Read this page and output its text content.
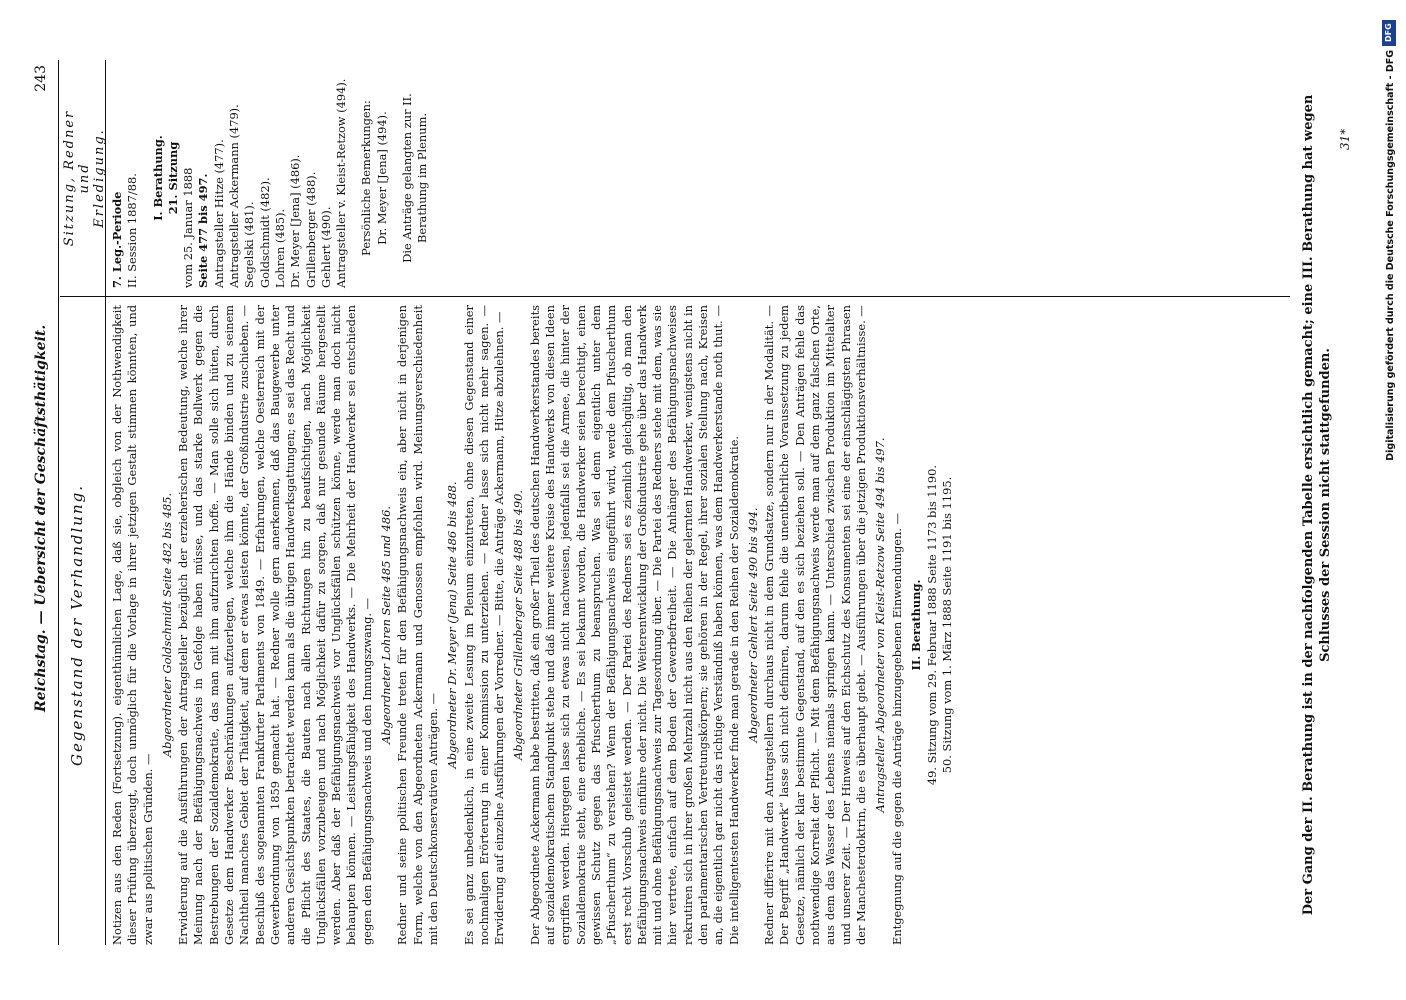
Reichstag. — Uebersicht der Geschäftsthätigkeit.
243
Gegenstand der Verhandlung.
Sitzung, Redner und Erledigung.

Notizen aus den Reden (Fortsetzung). eigenthümlichen Lage, daß sie, obgleich von der Nothwendigkeit dieser Prüfung überzeugt, doch unmöglich für die Vorlage in ihrer jetzigen Gestalt stimmen könnten, und zwar aus politischen Gründen. —

Abgeordneter Goldschmidt Seite 482 bis 485. Erwiderung auf die Ausführungen der Antragsteller bezüglich der erzieherischen Bedeutung, welche ihrer Meinung nach der Befähigungsnachweis in Gefolge haben müsse, und das starke Bollwerk gegen die Bestrebungen der Sozialdemokratie, das man mit ihm aufzurichten hoffe. — Man solle sich hüten, durch Gesetze dem Handwerker Beschränkungen aufzuerlegen, welche ihm die Hände binden und zu seinem Nachtheil manches Gebiet der Thätigkeit, auf dem er etwas leisten könnte, der Großindustrie zuschieben. — Beschluß des sogenannten Frankfurter Parlaments von 1849. — Erfahrungen, welche Oesterreich mit der Gewerbeordnung von 1859 gemacht hat. — Redner wolle gern anerkennen, daß das Baugewerbe unter anderen Gesichtspunkten betrachtet werden kann als die übrigen Handwerksgattungen; es sei das Recht und die Pflicht des Staates, die Bauten nach allen Richtungen hin zu beaufsichtigen, nach Möglichkeit Unglücksfällen vorzubeugen und nach Möglichkeit dafür zu sorgen, daß nur gesunde Räume hergestellt werden. Aber daß der Befähigungsnachweis vor Unglücksfällen schützen könne, werde man doch nicht behaupten können. — Leistungsfähigkeit des Handwerks. — Die Mehrheit der Handwerker sei entschieden gegen den Befähigungsnachweis und den Innungszwang. — Abgeordneter Lohren Seite 485 und 486. Redner und seine politischen Freunde treten für den Befähigungsnachweis ein, aber nicht in derjenigen Form, welche von den Abgeordneten Ackermann und Genossen empfohlen wird. Meinungsverschiedenheit mit den Deutschkonservativen Anträgen. —

Abgeordneter Dr. Meyer (Jena) Seite 486 bis 488. Es sei ganz unbedenklich, in eine zweite Lesung im Plenum einzutreten, ohne diesen Gegenstand einer nochmaligen Erörterung in einer Kommission zu unterziehen. — Redner lasse sich nicht mehr sagen. — Erwiderung auf einzelne Ausführungen der Vorredner. — Bitte, die Anträge Ackermann, Hitze abzulehnen. — Abgeordneter Grillenberger Seite 488 bis 490. Der Abgeordnete Ackermann habe bestritten, daß ein großer Theil des deutschen Handwerkerstandes bereits auf sozialdemokratischem Standpunkt stehe und daß immer weitere Kreise des Handwerks von diesen Ideen ergriffen werden. Hiergegen lasse sich zu etwas nicht nachweisen, jedenfalls sei die Armee, die hinter der Sozialdemokratie steht, eine erhebliche. — Es sei bekannt worden, die Handwerker seien berechtigt, einen gewissen Schutz gegen das Pfuscherthum zu beanspruchen. Was sei denn eigentlich unter dem „Pfuscherthum“ zu verstehen? Wenn der Befähigungsnachweis eingeführt wird, werde dem Pfuscherthum erst recht Vorschub geleistet werden. — Der Partei des Redners sei es ziemlich gleichgültig, ob man den Befähigungsnachweis einführe oder nicht. Die Weiterentwicklung der Großindustrie gehe über das Handwerk mit und ohne Befähigungsnachweis zur Tagesordnung über. — Die Partei des Redners stehe mit dem, was sie hier vertrete, einfach auf dem Boden der Gewerbefreiheit. — Die Anhänger des Befähigungsnachweises rekrutiren sich in ihrer großen Mehrzahl nicht aus den Reihen der gelernten Handwerker, wenigstens nicht in den parlamentarischen Vertretungskörpern; sie gehören in der Regel, ihrer sozialen Stellung nach, Kreisen an, die eigentlich gar nicht das richtige Verständniß haben können, was dem Handwerkerstande noth thut. — Die intelligentesten Handwerker finde man gerade in den Reihen der Sozialdemokratie. Abgeordneter Gehlert Seite 490 bis 494. Redner differire mit den Antragstellern durchaus nicht in dem Grundsatze, sondern nur in der Modalität. — Der Begriff „Handwerk“ lasse sich nicht definiren, darum fehle die unentbehrliche Voraussetzung zu jedem Gesetze, nämlich der klar bestimmte Gegenstand, auf den es sich beziehen soll. — Den Anträgen fehle das nothwendige Korrelat der Pflicht. — Mit dem Befähigungsnachweis werde man auf dem ganz falschen Orte, aus dem das Wasser des Lebens niemals springen kann. — Unterschied zwischen Produktion im Mittelalter und unserer Zeit. — Der Hinweis auf den Eichschutz des Konsumenten sei eine der einschlägigsten Phrasen der Manchesterdoktrin, die es überhaupt giebt. — Ausführungen über die jetzigen Produktionsverhältnisse. — Antragsteller Abgeordneter von Kleist-Retzow Seite 494 bis 497. Entgegnung auf die gegen die Anträge hinzugegebenen Einwendungen. — II. Berathung. 49. Sitzung vom 29. Februar 1888 Seite 1173 bis 1190. 50. Sitzung vom 1. März 1888 Seite 1191 bis 1195.
7. Leg.-Periode II. Session 1887/88. I. Berathung. 21. Sitzung vom 25. Januar 1888 Seite 477 bis 497. Antragsteller Hitze (477). Antragsteller Ackermann (479). Segelski (481). Goldschmidt (482). Lohren (485). Dr. Meyer [Jena] (486). Grillenberger (488). Gehlert (490). Antragsteller v. Kleist-Retzow (494). Persönliche Bemerkungen: Dr. Meyer [Jena] (494). Die Anträge gelangten zur II. Berathung im Plenum.	Der Gang der II. Berathung ist in der nachfolgenden Tabelle ersichtlich gemacht; eine III. Berathung hat wegen Schlusses der Session nicht stattgefunden.
31*
DFG
Digitalisierung gefördert durch die Deutsche Forschungsgemeinschaft - DFG
